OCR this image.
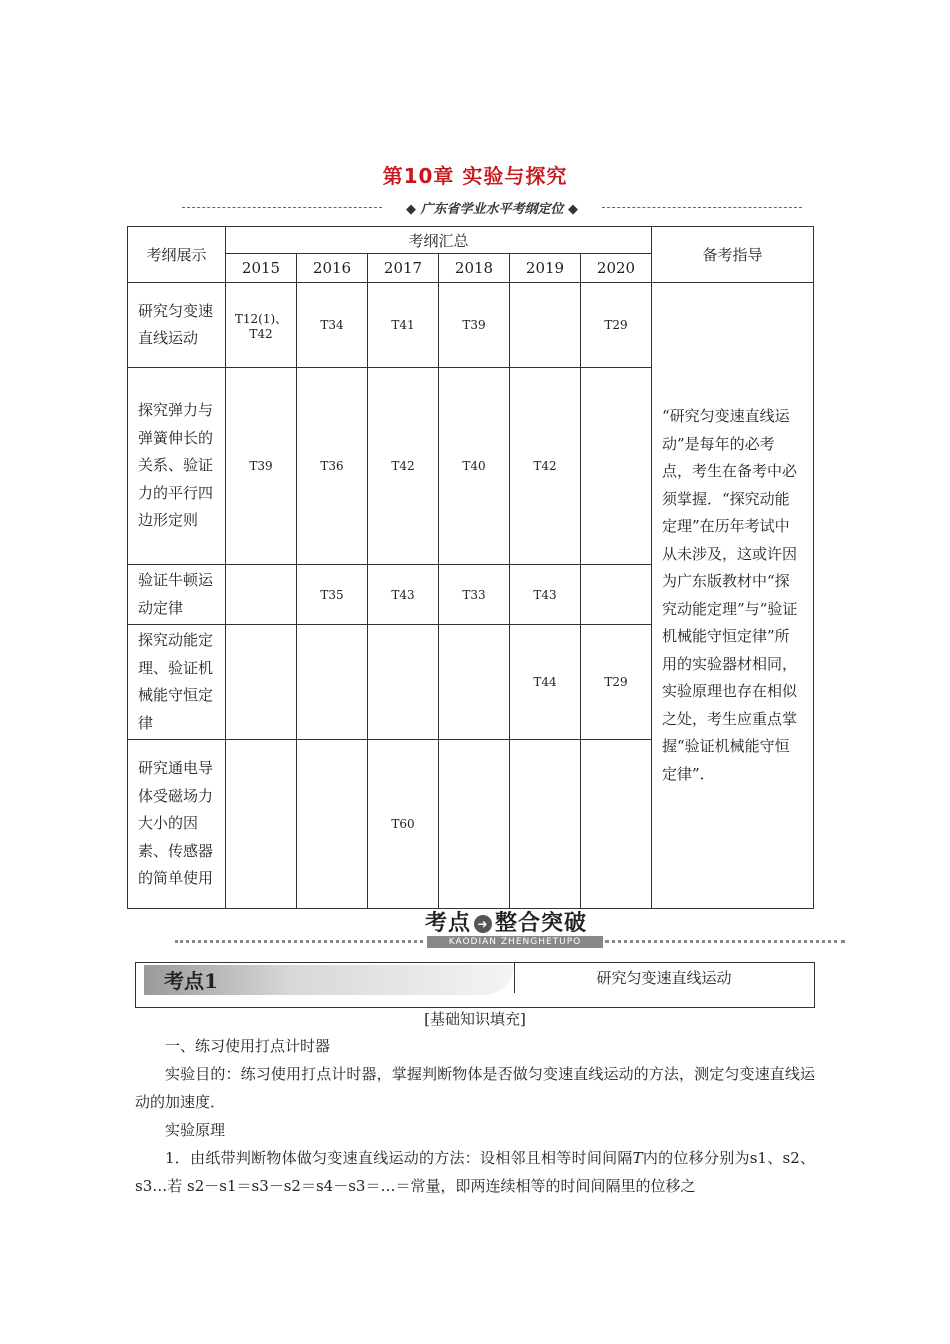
第10章 实验与探究
◆ 广东省学业水平考纲定位 ◆
考纲展示	考纲汇总						备考指导
	2015	2016	2017	2018	2019	2020	
研究匀变速直线运动	T12(1)、T42	T34	T41	T39		T29	“研究匀变速直线运动”是每年的必考点，考生在备考中必须掌握．“探究动能定理”在历年考试中从未涉及，这或许因为广东版教材中“探究动能定理”与“验证机械能守恒定律”所用的实验器材相同，实验原理也存在相似之处，考生应重点掌握“验证机械能守恒定律”．
探究弹力与弹簧伸长的关系、验证力的平行四边形定则	T39	T36	T42	T40	T42		
验证牛顿运动定律		T35	T43	T33	T43		
探究动能定理、验证机械能守恒定律					T44	T29	
研究通电导体受磁场力大小的因素、传感器的简单使用			T60				
考点 ➜ 整合突破
KAODIAN ZHENGHETUPO
考点1	研究匀变速直线运动
[基础知识填充]
一、练习使用打点计时器
实验目的：练习使用打点计时器，掌握判断物体是否做匀变速直线运动的方法，测定匀变速直线运动的加速度．
实验原理
1．由纸带判断物体做匀变速直线运动的方法：设相邻且相等时间间隔T内的位移分别为s1、s2、s3…若 s2－s1＝s3－s2＝s4－s3＝…＝常量，即两连续相等的时间间隔里的位移之
